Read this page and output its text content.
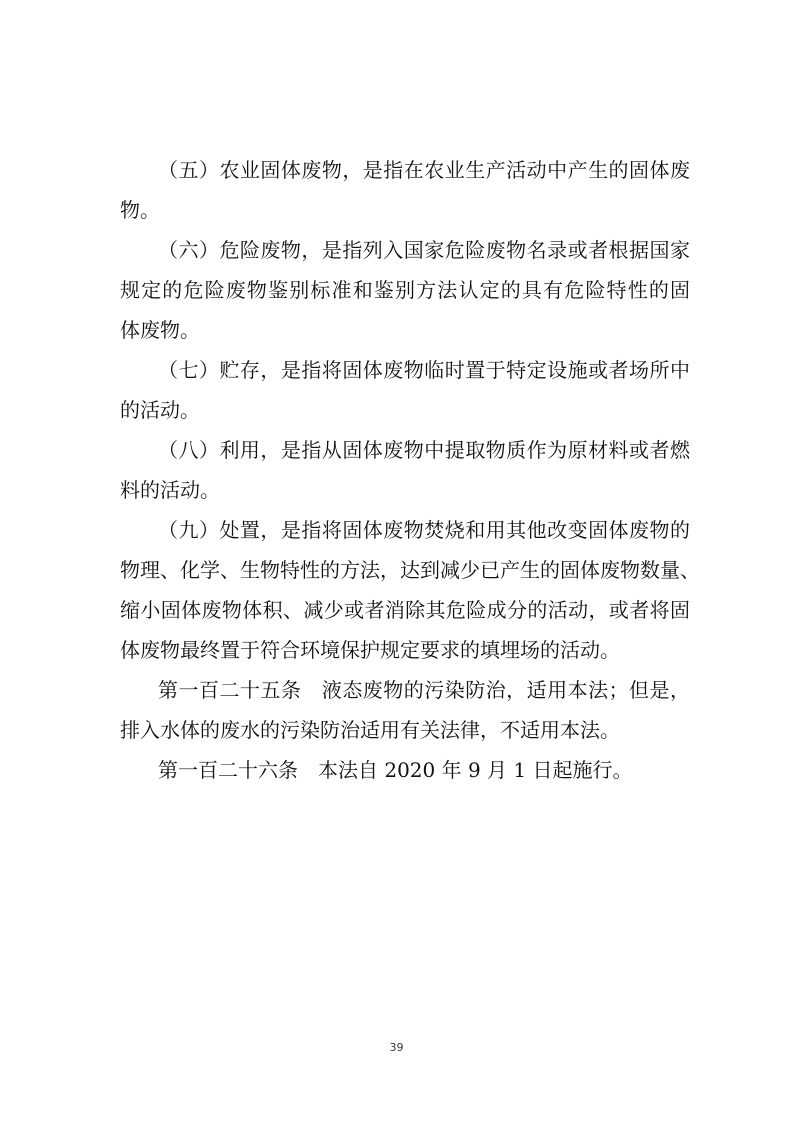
（五）农业固体废物，是指在农业生产活动中产生的固体废
物。
（六）危险废物，是指列入国家危险废物名录或者根据国家
规定的危险废物鉴别标准和鉴别方法认定的具有危险特性的固
体废物。
（七）贮存，是指将固体废物临时置于特定设施或者场所中
的活动。
（八）利用，是指从固体废物中提取物质作为原材料或者燃
料的活动。
（九）处置，是指将固体废物焚烧和用其他改变固体废物的
物理、化学、生物特性的方法，达到减少已产生的固体废物数量、
缩小固体废物体积、减少或者消除其危险成分的活动，或者将固
体废物最终置于符合环境保护规定要求的填埋场的活动。
第一百二十五条　液态废物的污染防治，适用本法；但是，
排入水体的废水的污染防治适用有关法律，不适用本法。
第一百二十六条　本法自 2020 年 9 月 1 日起施行。
39
